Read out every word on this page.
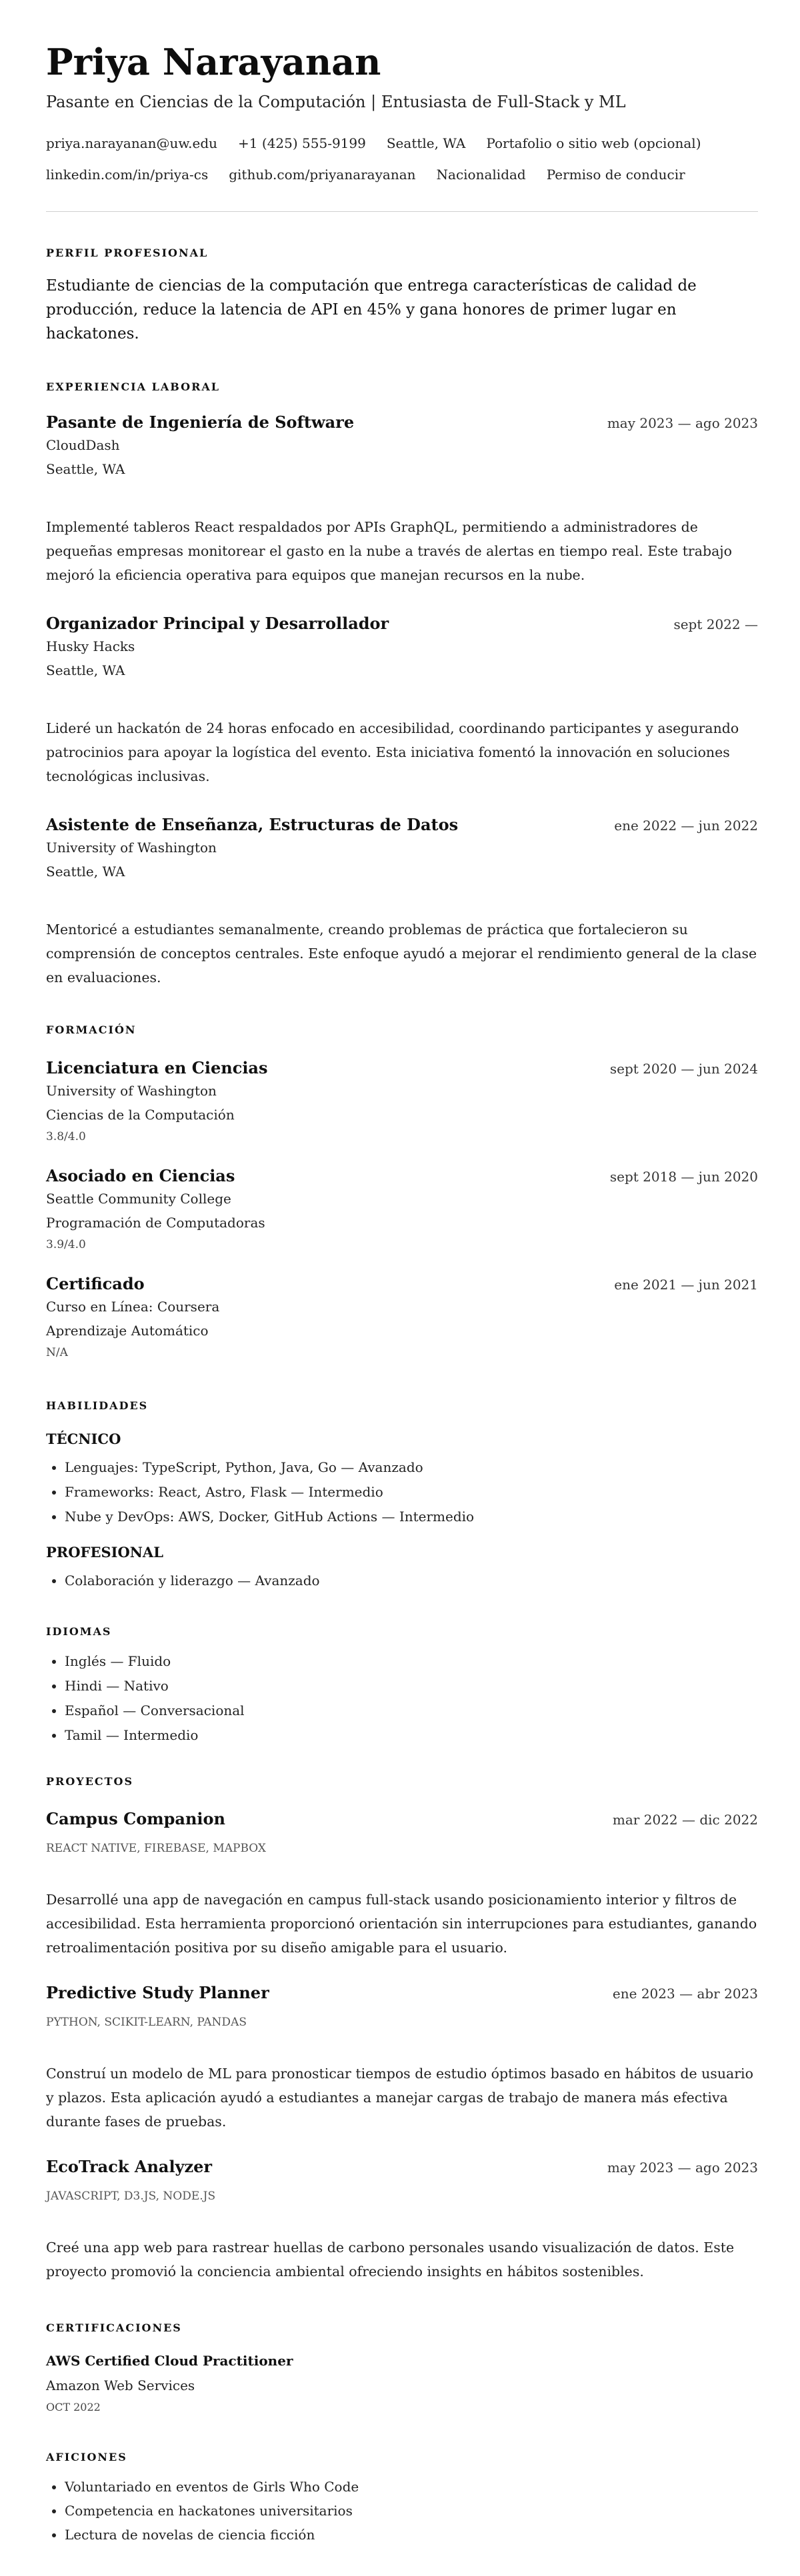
Priya Narayanan
Pasante en Ciencias de la Computación | Entusiasta de Full-Stack y ML
priya.narayanan@uw.edu +1 (425) 555-9199 Seattle, WA Portafolio o sitio web (opcional)
linkedin.com/in/priya-cs github.com/priyanarayanan Nacionalidad Permiso de conducir
PERFIL PROFESIONAL

Estudiante de ciencias de la computación que entrega características de calidad de producción, reduce la latencia de API en 45% y gana honores de primer lugar en hackatones.

EXPERIENCIA LABORAL
Pasante de Ingeniería de Software	may 2023 — ago 2023
CloudDash
Seattle, WA
Implementé tableros React respaldados por APIs GraphQL, permitiendo a administradores de pequeñas empresas monitorear el gasto en la nube a través de alertas en tiempo real. Este trabajo mejoró la eficiencia operativa para equipos que manejan recursos en la nube.
Organizador Principal y Desarrollador	sept 2022 —
Husky Hacks
Seattle, WA
Lideré un hackatón de 24 horas enfocado en accesibilidad, coordinando participantes y asegurando patrocinios para apoyar la logística del evento. Esta iniciativa fomentó la innovación en soluciones tecnológicas inclusivas.
Asistente de Enseñanza, Estructuras de Datos	ene 2022 — jun 2022
University of Washington
Seattle, WA
Mentoricé a estudiantes semanalmente, creando problemas de práctica que fortalecieron su comprensión de conceptos centrales. Este enfoque ayudó a mejorar el rendimiento general de la clase en evaluaciones.
FORMACIÓN
Licenciatura en Ciencias	sept 2020 — jun 2024
University of Washington
Ciencias de la Computación
3.8/4.0
Asociado en Ciencias	sept 2018 — jun 2020
Seattle Community College
Programación de Computadoras
3.9/4.0
Certificado	ene 2021 — jun 2021
Curso en Línea: Coursera
Aprendizaje Automático
N/A
HABILIDADES
TÉCNICO
• Lenguajes: TypeScript, Python, Java, Go — Avanzado
• Frameworks: React, Astro, Flask — Intermedio
• Nube y DevOps: AWS, Docker, GitHub Actions — Intermedio
PROFESIONAL
• Colaboración y liderazgo — Avanzado
IDIOMAS
• Inglés — Fluido
• Hindi — Nativo
• Español — Conversacional
• Tamil — Intermedio
PROYECTOS
Campus Companion	mar 2022 — dic 2022
REACT NATIVE, FIREBASE, MAPBOX
Desarrollé una app de navegación en campus full-stack usando posicionamiento interior y filtros de accesibilidad. Esta herramienta proporcionó orientación sin interrupciones para estudiantes, ganando retroalimentación positiva por su diseño amigable para el usuario.
Predictive Study Planner	ene 2023 — abr 2023
PYTHON, SCIKIT-LEARN, PANDAS
Construí un modelo de ML para pronosticar tiempos de estudio óptimos basado en hábitos de usuario y plazos. Esta aplicación ayudó a estudiantes a manejar cargas de trabajo de manera más efectiva durante fases de pruebas.
EcoTrack Analyzer	may 2023 — ago 2023
JAVASCRIPT, D3.JS, NODE.JS
Creé una app web para rastrear huellas de carbono personales usando visualización de datos. Este proyecto promovió la conciencia ambiental ofreciendo insights en hábitos sostenibles.
CERTIFICACIONES
AWS Certified Cloud Practitioner
Amazon Web Services
OCT 2022
AFICIONES
• Voluntariado en eventos de Girls Who Code
• Competencia en hackatones universitarios
• Lectura de novelas de ciencia ficción
